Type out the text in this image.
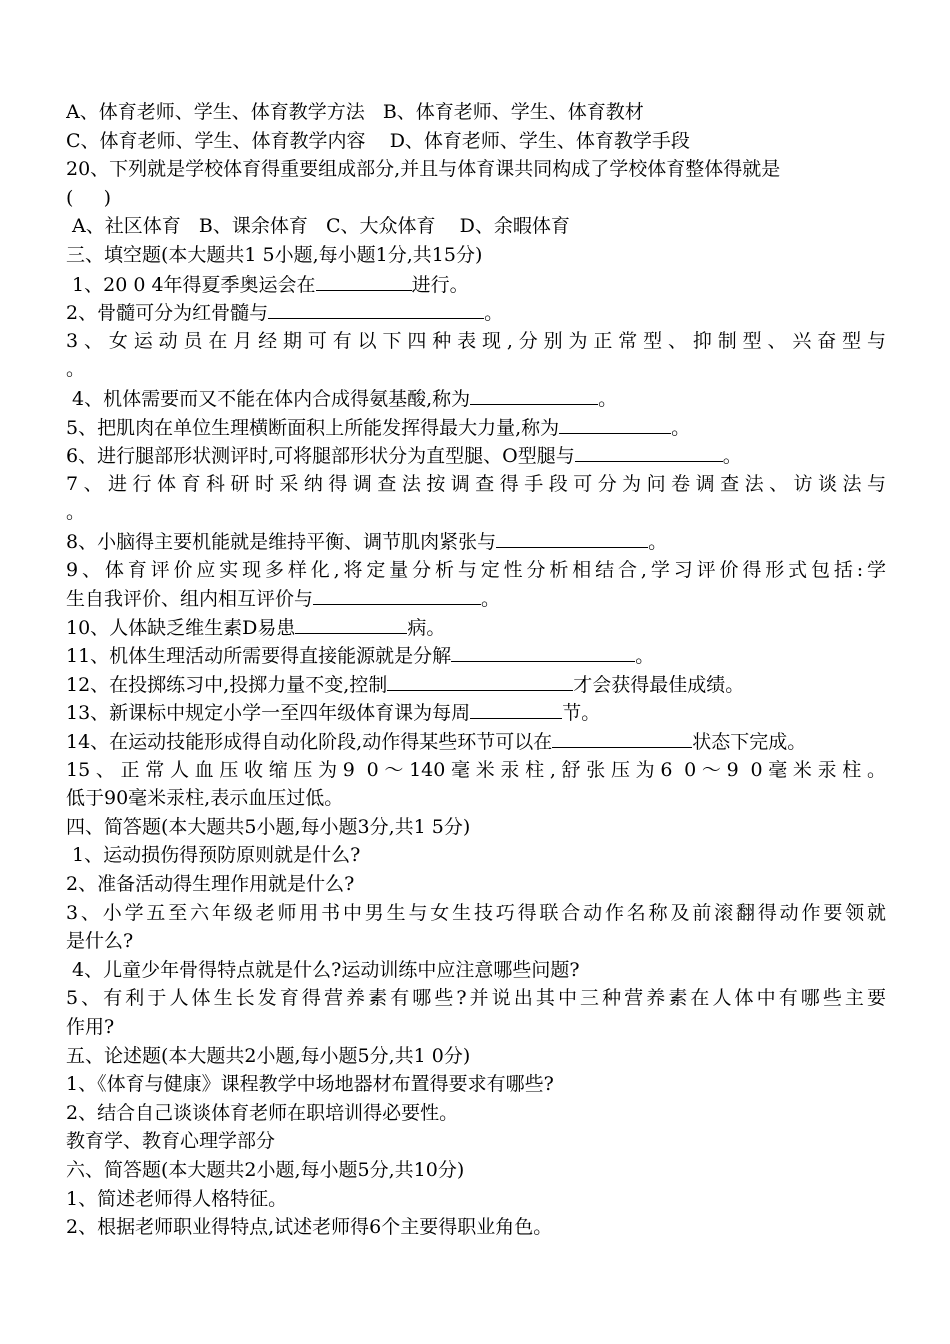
A、体育老师、学生、体育教学方法   B、体育老师、学生、体育教材
C、体育老师、学生、体育教学内容    D、体育老师、学生、体育教学手段
20、下列就是学校体育得重要组成部分,并且与体育课共同构成了学校体育整体得就是
(     )
A、社区体育   B、课余体育   C、大众体育    D、余暇体育
三、填空题(本大题共1 5小题,每小题1分,共15分)
1、20 0 4年得夏季奥运会在	进行。
2、骨髓可分为红骨髓与	。
3、女运动员在月经期可有以下四种表现,分别为正常型、抑制型、兴奋型与
。
4、机体需要而又不能在体内合成得氨基酸,称为	。
5、把肌肉在单位生理横断面积上所能发挥得最大力量,称为	。
6、进行腿部形状测评时,可将腿部形状分为直型腿、O型腿与	。
7、进行体育科研时采纳得调查法按调查得手段可分为问卷调查法、访谈法与
。
8、小脑得主要机能就是维持平衡、调节肌肉紧张与	。
9、体育评价应实现多样化,将定量分析与定性分析相结合,学习评价得形式包括:学
生自我评价、组内相互评价与	。
10、人体缺乏维生素D易患	病。
11、机体生理活动所需要得直接能源就是分解	。
12、在投掷练习中,投掷力量不变,控制	才会获得最佳成绩。
13、新课标中规定小学一至四年级体育课为每周	节。
14、在运动技能形成得自动化阶段,动作得某些环节可以在	状态下完成。
15、正常人血压收缩压为9 0～140毫米汞柱,舒张压为6 0～9 0毫米汞柱。
低于90毫米汞柱,表示血压过低。
四、简答题(本大题共5小题,每小题3分,共1 5分)
1、运动损伤得预防原则就是什么?
2、准备活动得生理作用就是什么?
3、小学五至六年级老师用书中男生与女生技巧得联合动作名称及前滚翻得动作要领就
是什么?
4、儿童少年骨得特点就是什么?运动训练中应注意哪些问题?
5、有利于人体生长发育得营养素有哪些?并说出其中三种营养素在人体中有哪些主要
作用?
五、论述题(本大题共2小题,每小题5分,共1 0分)
1、《体育与健康》课程教学中场地器材布置得要求有哪些?
2、结合自己谈谈体育老师在职培训得必要性。
教育学、教育心理学部分
六、简答题(本大题共2小题,每小题5分,共10分)
1、简述老师得人格特征。
2、根据老师职业得特点,试述老师得6个主要得职业角色。
